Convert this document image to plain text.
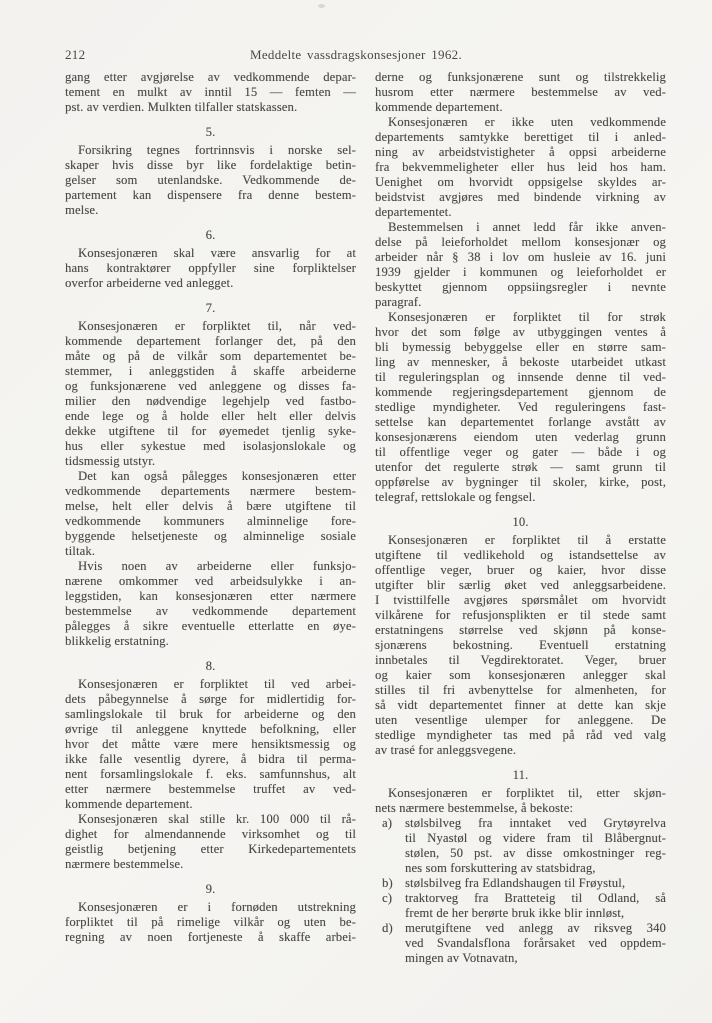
212	Meddelte vassdragskonsesjoner 1962.
gang etter avgjørelse av vedkommende depar-
tement en mulkt av inntil 15 — femten —
pst. av verdien. Mulkten tilfaller statskassen.
5.
Forsikring tegnes fortrinnsvis i norske sel-
skaper hvis disse byr like fordelaktige betin-
gelser som utenlandske. Vedkommende de-
partement kan dispensere fra denne bestem-
melse.
6.
Konsesjonæren skal være ansvarlig for at
hans kontraktører oppfyller sine forpliktelser
overfor arbeiderne ved anlegget.
7.
Konsesjonæren er forpliktet til, når ved-
kommende departement forlanger det, på den
måte og på de vilkår som departementet be-
stemmer, i anleggstiden å skaffe arbeiderne
og funksjonærene ved anleggene og disses fa-
milier den nødvendige legehjelp ved fastbo-
ende lege og å holde eller helt eller delvis
dekke utgiftene til for øyemedet tjenlig syke-
hus eller sykestue med isolasjonslokale og
tidsmessig utstyr.
Det kan også pålegges konsesjonæren etter
vedkommende departements nærmere bestem-
melse, helt eller delvis å bære utgiftene til
vedkommende kommuners alminnelige fore-
byggende helsetjeneste og alminnelige sosiale
tiltak.
Hvis noen av arbeiderne eller funksjo-
nærene omkommer ved arbeidsulykke i an-
leggstiden, kan konsesjonæren etter nærmere
bestemmelse av vedkommende departement
pålegges å sikre eventuelle etterlatte en øye-
blikkelig erstatning.
8.
Konsesjonæren er forpliktet til ved arbei-
dets påbegynnelse å sørge for midlertidig for-
samlingslokale til bruk for arbeiderne og den
øvrige til anleggene knyttede befolkning, eller
hvor det måtte være mere hensiktsmessig og
ikke falle vesentlig dyrere, å bidra til perma-
nent forsamlingslokale f. eks. samfunnshus, alt
etter nærmere bestemmelse truffet av ved-
kommende departement.
Konsesjonæren skal stille kr. 100 000 til rå-
dighet for almendannende virksomhet og til
geistlig betjening etter Kirkedepartementets
nærmere bestemmelse.
9.
Konsesjonæren er i fornøden utstrekning
forpliktet til på rimelige vilkår og uten be-
regning av noen fortjeneste å skaffe arbei-
derne og funksjonærene sunt og tilstrekkelig
husrom etter nærmere bestemmelse av ved-
kommende departement.
Konsesjonæren er ikke uten vedkommende
departements samtykke berettiget til i anled-
ning av arbeidstvistigheter å oppsi arbeiderne
fra bekvemmeligheter eller hus leid hos ham.
Uenighet om hvorvidt oppsigelse skyldes ar-
beidstvist avgjøres med bindende virkning av
departementet.
Bestemmelsen i annet ledd får ikke anven-
delse på leieforholdet mellom konsesjonær og
arbeider når § 38 i lov om husleie av 16. juni
1939 gjelder i kommunen og leieforholdet er
beskyttet gjennom oppsiingsregler i nevnte
paragraf.
Konsesjonæren er forpliktet til for strøk
hvor det som følge av utbyggingen ventes å
bli bymessig bebyggelse eller en større sam-
ling av mennesker, å bekoste utarbeidet utkast
til reguleringsplan og innsende denne til ved-
kommende regjeringsdepartement gjennom de
stedlige myndigheter. Ved reguleringens fast-
settelse kan departementet forlange avstått av
konsesjonærens eiendom uten vederlag grunn
til offentlige veger og gater — både i og
utenfor det regulerte strøk — samt grunn til
oppførelse av bygninger til skoler, kirke, post,
telegraf, rettslokale og fengsel.
10.
Konsesjonæren er forpliktet til å erstatte
utgiftene til vedlikehold og istandsettelse av
offentlige veger, bruer og kaier, hvor disse
utgifter blir særlig øket ved anleggsarbeidene.
I tvisttilfelle avgjøres spørsmålet om hvorvidt
vilkårene for refusjonsplikten er til stede samt
erstatningens størrelse ved skjønn på konse-
sjonærens bekostning. Eventuell erstatning
innbetales til Vegdirektoratet. Veger, bruer
og kaier som konsesjonæren anlegger skal
stilles til fri avbenyttelse for almenheten, for
så vidt departementet finner at dette kan skje
uten vesentlige ulemper for anleggene. De
stedlige myndigheter tas med på råd ved valg
av trasé for anleggsvegene.
11.
Konsesjonæren er forpliktet til, etter skjøn-
nets nærmere bestemmelse, å bekoste:
a) stølsbilveg fra inntaket ved Grytøyrelva
til Nyastøl og videre fram til Blåbergnut-
stølen, 50 pst. av disse omkostninger reg-
nes som forskuttering av statsbidrag,
b) stølsbilveg fra Edlandshaugen til Frøystul,
c) traktorveg fra Bratteteig til Odland, så
fremt de her berørte bruk ikke blir innløst,
d) merutgiftene ved anlegg av riksveg 340
ved Svandalsflona forårsaket ved oppdem-
mingen av Votnavatn,
